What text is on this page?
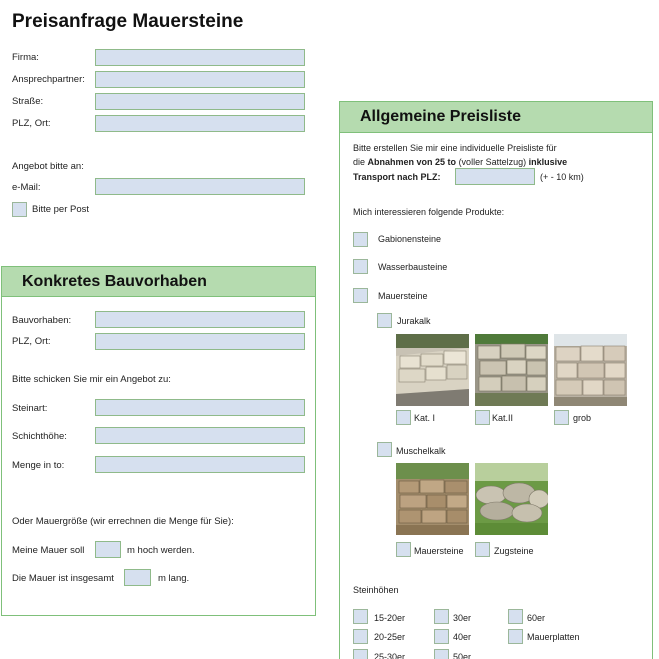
Preisanfrage Mauersteine
Firma:
Ansprechpartner:
Straße:
PLZ, Ort:
Angebot bitte an:
e-Mail:
Bitte per Post
Konkretes Bauvorhaben
Bauvorhaben:
PLZ, Ort:
Bitte schicken Sie mir ein Angebot zu:
Steinart:
Schichthöhe:
Menge in to:
Oder Mauergröße (wir errechnen die Menge für Sie):
Meine Mauer soll	m hoch werden.
Die Mauer ist insgesamt	m lang.
Allgemeine Preisliste
Bitte erstellen Sie mir eine individuelle Preisliste für
die Abnahmen von 25 to (voller Sattelzug) inklusive
Transport nach PLZ:	(+ - 10 km)
Mich interessieren folgende Produkte:
Gabionensteine
Wasserbausteine
Mauersteine
Jurakalk
Kat. I	Kat.II	grob
Muschelkalk
Mauersteine	Zugsteine
Steinhöhen
15-20er	30er	60er
20-25er	40er	Mauerplatten
25-30er	50er
